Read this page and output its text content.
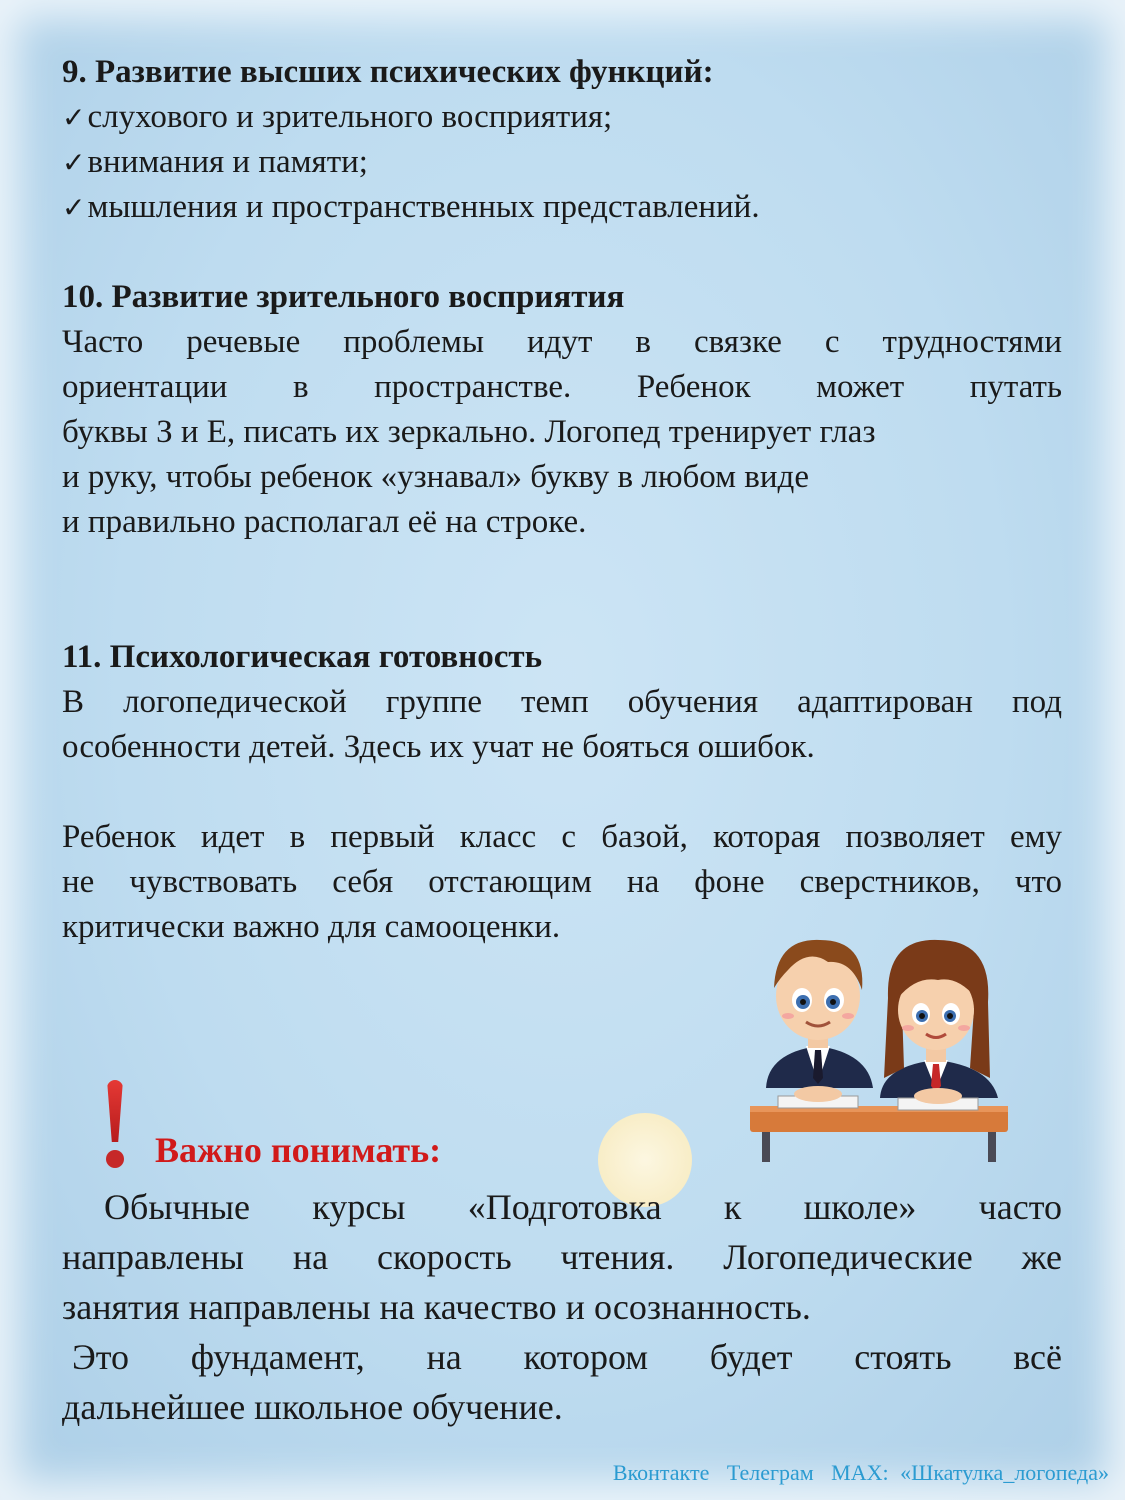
9. Развитие высших психических функций:
✓ слухового и зрительного восприятия;
✓ внимания и памяти;
✓ мышления и пространственных представлений.
10. Развитие зрительного восприятия
Часто речевые проблемы идут в связке с трудностями
ориентации в пространстве. Ребенок может путать
буквы З и Е, писать их зеркально. Логопед тренирует глаз
и руку, чтобы ребенок «узнавал» букву в любом виде
и правильно располагал её на строке.
11. Психологическая готовность
В логопедической группе темп обучения адаптирован под
особенности детей. Здесь их учат не бояться ошибок.
Ребенок идет в первый класс с базой, которая позволяет ему
не чувствовать себя отстающим на фоне сверстников, что
критически важно для самооценки.
Важно понимать:
Обычные курсы «Подготовка к школе» часто
направлены на скорость чтения. Логопедические же
занятия направлены на качество и осознанность.
Это фундамент, на котором будет стоять всё
дальнейшее школьное обучение.
Вконтакте Телеграм MAX: «Шкатулка_логопеда»
